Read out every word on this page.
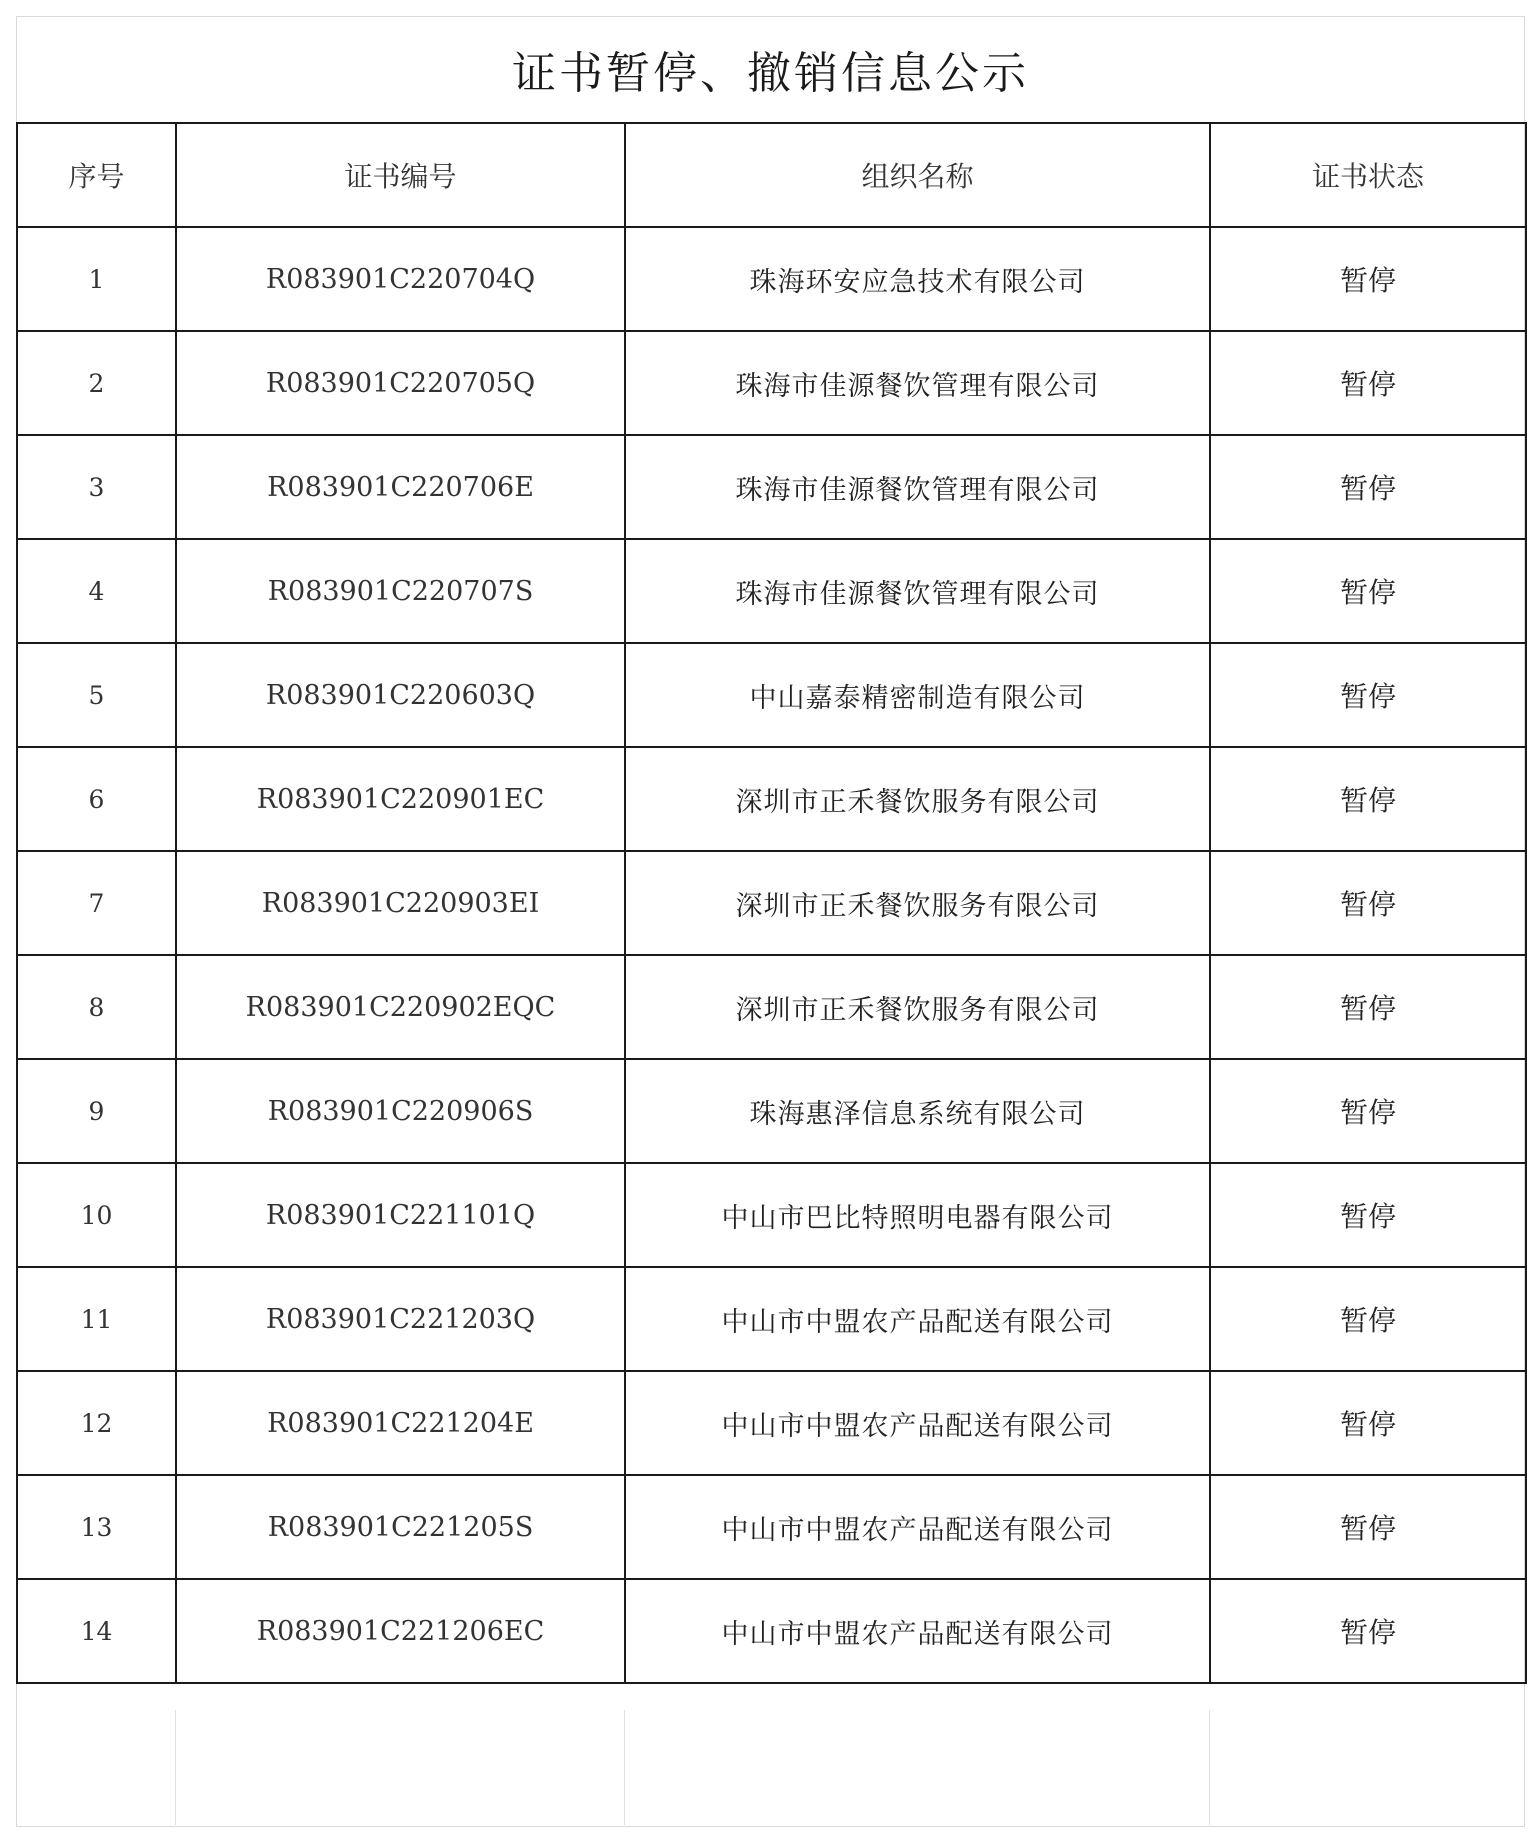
证书暂停、撤销信息公示
序号	证书编号	组织名称	证书状态
1	R083901C220704Q	珠海环安应急技术有限公司	暂停
2	R083901C220705Q	珠海市佳源餐饮管理有限公司	暂停
3	R083901C220706E	珠海市佳源餐饮管理有限公司	暂停
4	R083901C220707S	珠海市佳源餐饮管理有限公司	暂停
5	R083901C220603Q	中山嘉泰精密制造有限公司	暂停
6	R083901C220901EC	深圳市正禾餐饮服务有限公司	暂停
7	R083901C220903EI	深圳市正禾餐饮服务有限公司	暂停
8	R083901C220902EQC	深圳市正禾餐饮服务有限公司	暂停
9	R083901C220906S	珠海惠泽信息系统有限公司	暂停
10	R083901C221101Q	中山市巴比特照明电器有限公司	暂停
11	R083901C221203Q	中山市中盟农产品配送有限公司	暂停
12	R083901C221204E	中山市中盟农产品配送有限公司	暂停
13	R083901C221205S	中山市中盟农产品配送有限公司	暂停
14	R083901C221206EC	中山市中盟农产品配送有限公司	暂停
